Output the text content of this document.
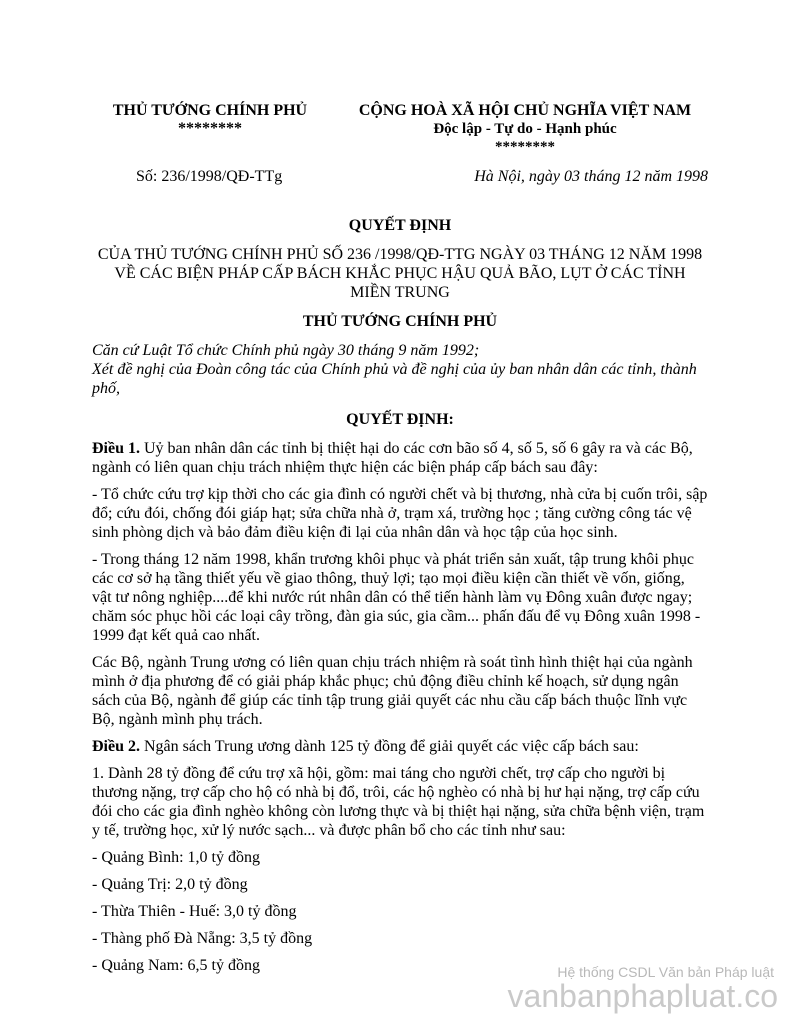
THỦ TƯỚNG CHÍNH PHỦ
********
CỘNG HOÀ XÃ HỘI CHỦ NGHĨA VIỆT NAM
Độc lập - Tự do - Hạnh phúc
********
Số: 236/1998/QĐ-TTg	Hà Nội, ngày 03 tháng 12 năm 1998
QUYẾT ĐỊNH
CỦA THỦ TƯỚNG CHÍNH PHỦ SỐ 236 /1998/QĐ-TTG NGÀY 03 THÁNG 12 NĂM 1998 VỀ CÁC BIỆN PHÁP CẤP BÁCH KHẮC PHỤC HẬU QUẢ BÃO, LỤT Ở CÁC TỈNH MIỀN TRUNG
THỦ TƯỚNG CHÍNH PHỦ
Căn cứ Luật Tổ chức Chính phủ ngày 30 tháng 9 năm 1992;
Xét đề nghị của Đoàn công tác của Chính phủ và đề nghị của ủy ban nhân dân các tỉnh, thành phố,
QUYẾT ĐỊNH:
Điều 1. Uỷ ban nhân dân các tỉnh bị thiệt hại do các cơn bão số 4, số 5, số 6 gây ra và các Bộ, ngành có liên quan chịu trách nhiệm thực hiện các biện pháp cấp bách sau đây:
- Tổ chức cứu trợ kịp thời cho các gia đình có người chết và bị thương, nhà cửa bị cuốn trôi, sập đổ; cứu đói, chống đói giáp hạt; sửa chữa nhà ở, trạm xá, trường học ; tăng cường công tác vệ sinh phòng dịch và bảo đảm điều kiện đi lại của nhân dân và học tập của học sinh.
- Trong tháng 12 năm 1998, khẩn trương khôi phục và phát triển sản xuất, tập trung khôi phục các cơ sở hạ tầng thiết yếu về giao thông, thuỷ lợi; tạo mọi điều kiện cần thiết về vốn, giống, vật tư nông nghiệp....để khi nước rút nhân dân có thể tiến hành làm vụ Đông xuân được ngay; chăm sóc phục hồi các loại cây trồng, đàn gia súc, gia cầm... phấn đấu để vụ Đông xuân 1998 - 1999 đạt kết quả cao nhất.
Các Bộ, ngành Trung ương có liên quan chịu trách nhiệm rà soát tình hình thiệt hại của ngành mình ở địa phương để có giải pháp khắc phục; chủ động điều chỉnh kế hoạch, sử dụng ngân sách của Bộ, ngành để giúp các tỉnh tập trung giải quyết các nhu cầu cấp bách thuộc lĩnh vực Bộ, ngành mình phụ trách.
Điều 2. Ngân sách Trung ương dành 125 tỷ đồng để giải quyết các việc cấp bách sau:
1. Dành 28 tỷ đồng để cứu trợ xã hội, gồm: mai táng cho người chết, trợ cấp cho người bị thương nặng, trợ cấp cho hộ có nhà bị đổ, trôi, các hộ nghèo có nhà bị hư hại nặng, trợ cấp cứu đói cho các gia đình nghèo không còn lương thực và bị thiệt hại nặng, sửa chữa bệnh viện, trạm y tế, trường học, xử lý nước sạch... và được phân bổ cho các tỉnh như sau:
- Quảng Bình: 1,0 tỷ đồng
- Quảng Trị: 2,0 tỷ đồng
- Thừa Thiên - Huế: 3,0 tỷ đồng
- Thàng phố Đà Nẵng: 3,5 tỷ đồng
- Quảng Nam: 6,5 tỷ đồng	Hệ thống CSDL Văn bản Pháp luật
vanbanphapluat.co
